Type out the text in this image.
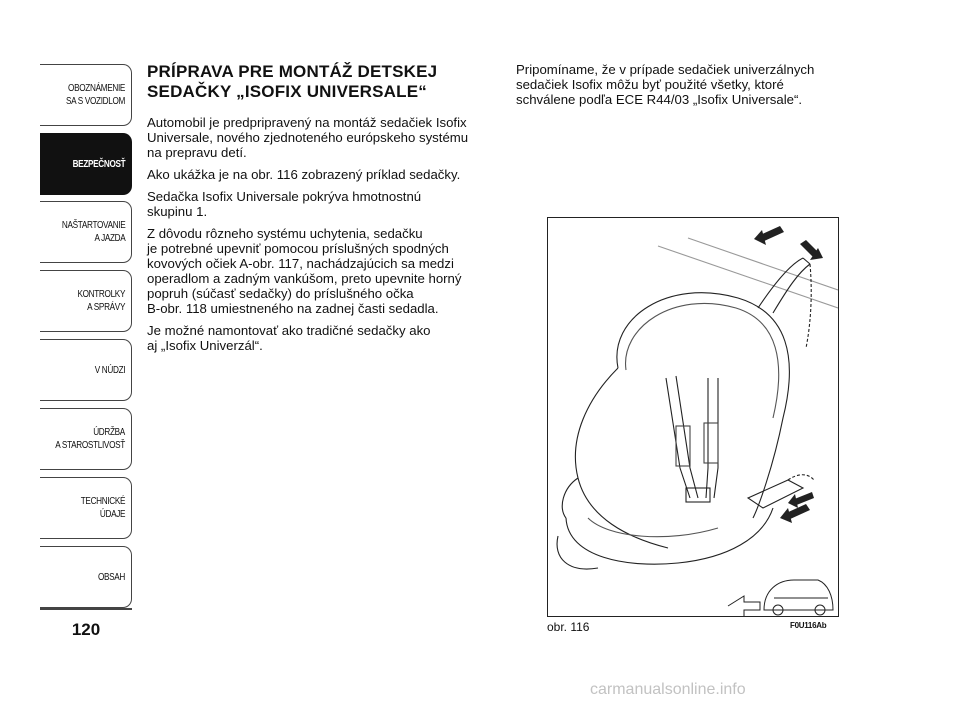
OBOZNÁMENIE
SA S VOZIDLOM
BEZPEČNOSŤ
NAŠTARTOVANIE
A JAZDA
KONTROLKY
A SPRÁVY
V NÚDZI
ÚDRŽBA
A STAROSTLIVOSŤ
TECHNICKÉ
ÚDAJE
OBSAH
120
PRÍPRAVA PRE MONTÁŽ DETSKEJ
SEDAČKY „ISOFIX UNIVERSALE“

Automobil je predpripravený na montáž sedačiek Isofix
Universale, nového zjednoteného európskeho systému
na prepravu detí.

Ako ukážka je na obr. 116 zobrazený príklad sedačky.

Sedačka Isofix Universale pokrýva hmotnostnú
skupinu 1.

Z dôvodu rôzneho systému uchytenia, sedačku
je potrebné upevniť pomocou príslušných spodných
kovových očiek A-obr. 117, nachádzajúcich sa medzi
operadlom a zadným vankúšom, preto upevnite horný
popruh (súčasť sedačky) do príslušného očka
B-obr. 118 umiestneného na zadnej časti sedadla.

Je možné namontovať ako tradičné sedačky ako
aj „Isofix Univerzál“.

Pripomíname, že v prípade sedačiek univerzálnych
sedačiek Isofix môžu byť použité všetky, ktoré
schválene podľa ECE R44/03 „Isofix Universale“.

obr. 116	F0U116Ab
carmanualsonline.info
